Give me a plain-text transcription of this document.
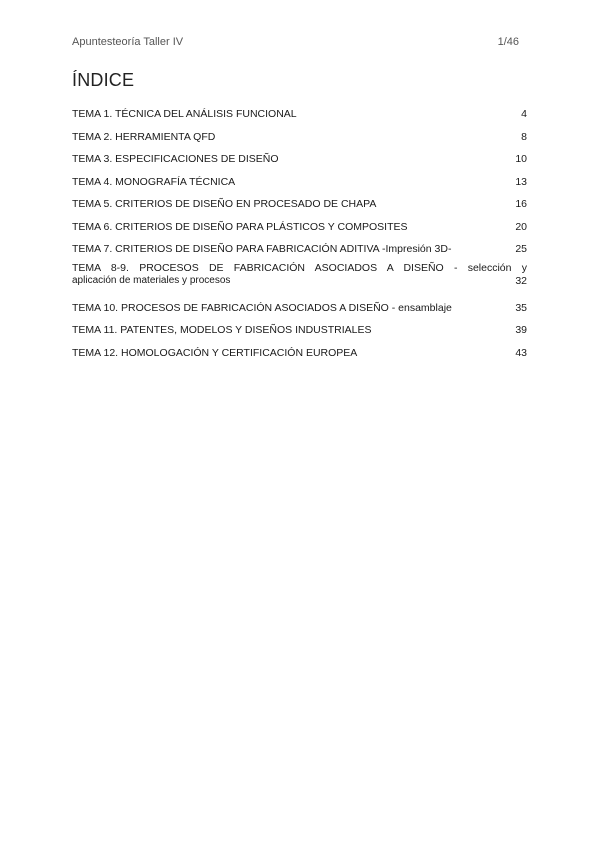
Apuntesteoría Taller IV	1/46
ÍNDICE
TEMA 1. TÉCNICA DEL ANÁLISIS FUNCIONAL	4
TEMA 2. HERRAMIENTA QFD	8
TEMA 3. ESPECIFICACIONES DE DISEÑO	10
TEMA 4. MONOGRAFÍA TÉCNICA	13
TEMA 5. CRITERIOS DE DISEÑO EN PROCESADO DE CHAPA	16
TEMA 6. CRITERIOS DE DISEÑO PARA PLÁSTICOS Y COMPOSITES	20
TEMA 7. CRITERIOS DE DISEÑO PARA FABRICACIÓN ADITIVA -Impresión 3D-	25
TEMA 8-9. PROCESOS DE FABRICACIÓN ASOCIADOS A DISEÑO - selección y
aplicación de materiales y procesos	32
TEMA 10. PROCESOS DE FABRICACIÓN ASOCIADOS A DISEÑO - ensamblaje	35
TEMA 11. PATENTES, MODELOS Y DISEÑOS INDUSTRIALES	39
TEMA 12. HOMOLOGACIÓN Y CERTIFICACIÓN EUROPEA	43
